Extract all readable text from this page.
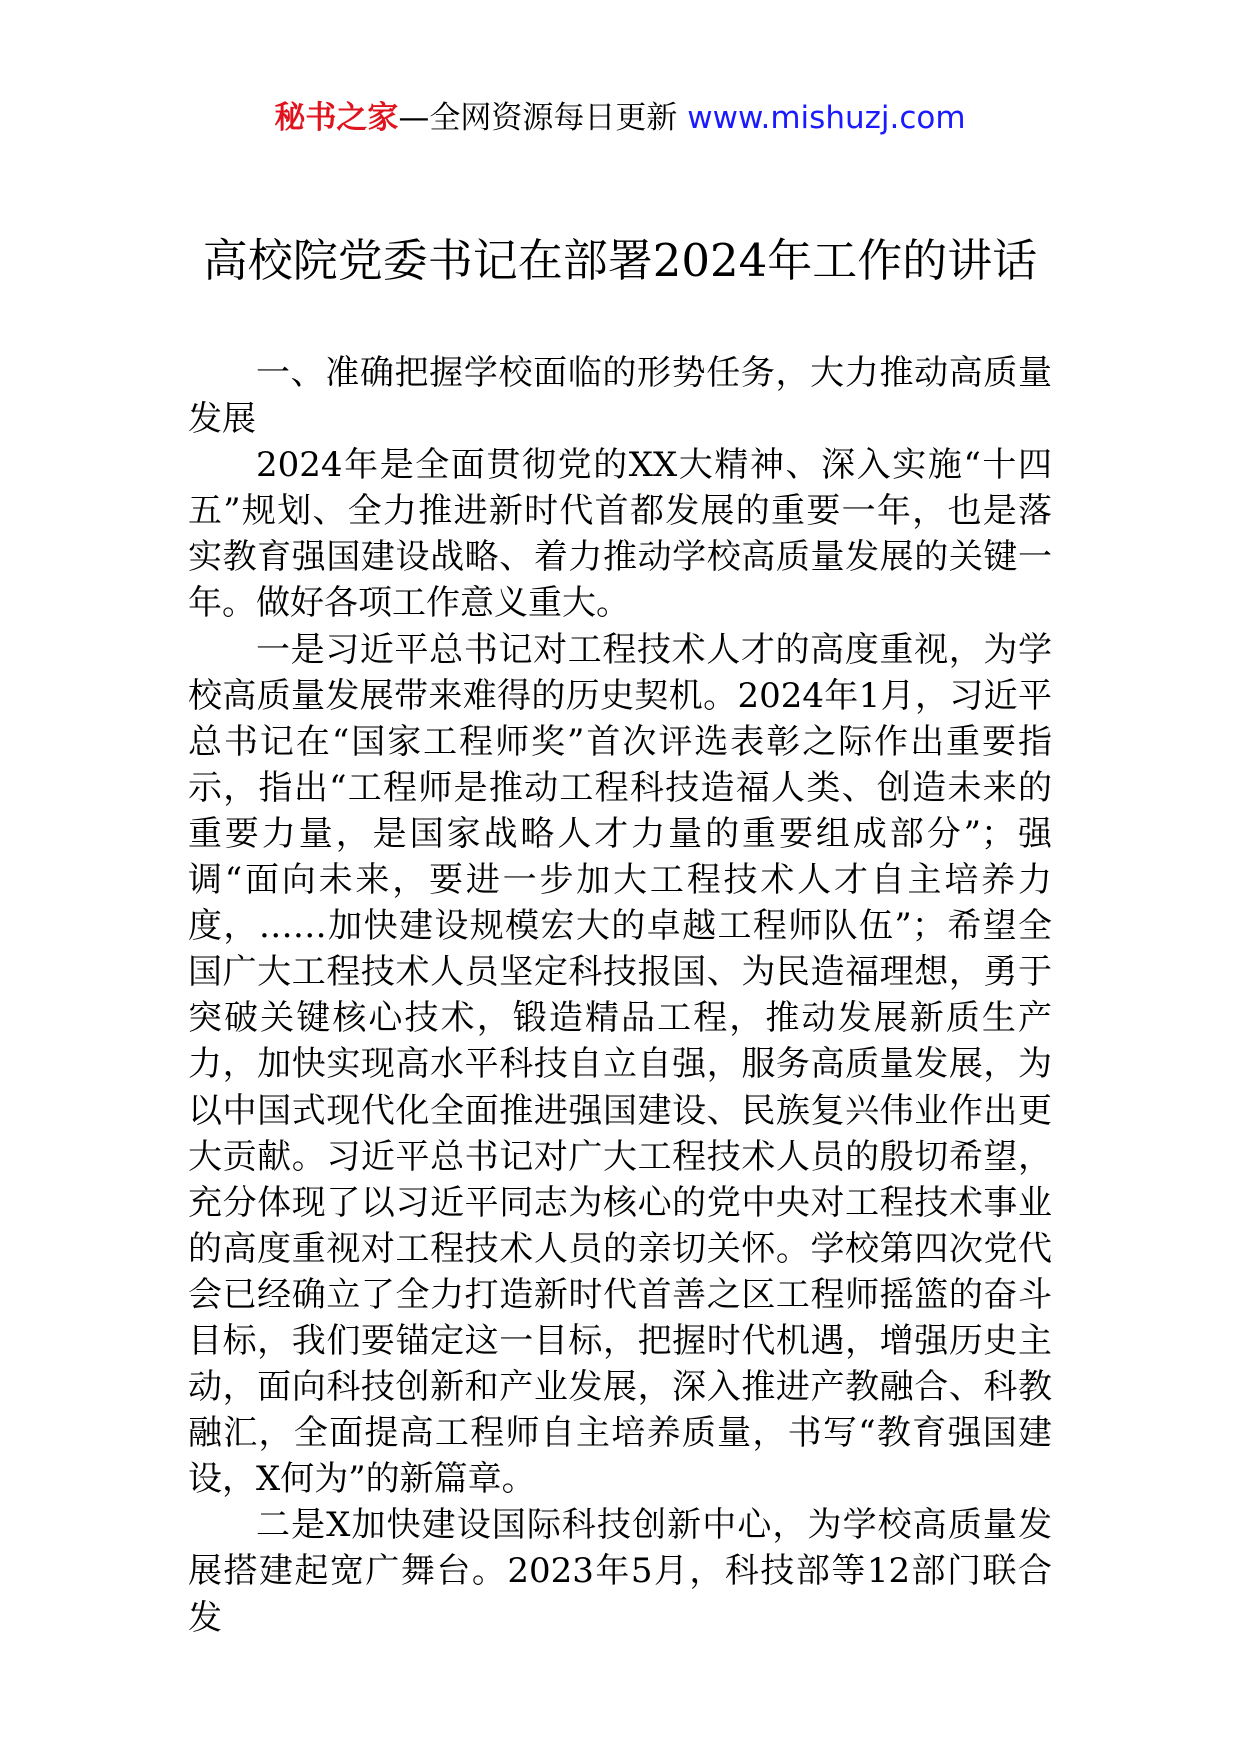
秘书之家—全网资源每日更新 www.mishuzj.com
高校院党委书记在部署2024年工作的讲话

一、准确把握学校面临的形势任务，大力推动高质量发展

2024年是全面贯彻党的XX大精神、深入实施“十四五”规划、全力推进新时代首都发展的重要一年，也是落实教育强国建设战略、着力推动学校高质量发展的关键一年。做好各项工作意义重大。

一是习近平总书记对工程技术人才的高度重视，为学校高质量发展带来难得的历史契机。2024年1月，习近平总书记在“国家工程师奖”首次评选表彰之际作出重要指示，指出“工程师是推动工程科技造福人类、创造未来的重要力量，是国家战略人才力量的重要组成部分”；强调“面向未来，要进一步加大工程技术人才自主培养力度，……加快建设规模宏大的卓越工程师队伍”；希望全国广大工程技术人员坚定科技报国、为民造福理想，勇于突破关键核心技术，锻造精品工程，推动发展新质生产力，加快实现高水平科技自立自强，服务高质量发展，为以中国式现代化全面推进强国建设、民族复兴伟业作出更大贡献。习近平总书记对广大工程技术人员的殷切希望，充分体现了以习近平同志为核心的党中央对工程技术事业的高度重视对工程技术人员的亲切关怀。学校第四次党代会已经确立了全力打造新时代首善之区工程师摇篮的奋斗目标，我们要锚定这一目标，把握时代机遇，增强历史主动，面向科技创新和产业发展，深入推进产教融合、科教融汇，全面提高工程师自主培养质量，书写“教育强国建设，X何为”的新篇章。

二是X加快建设国际科技创新中心，为学校高质量发展搭建起宽广舞台。2023年5月，科技部等12部门联合发
